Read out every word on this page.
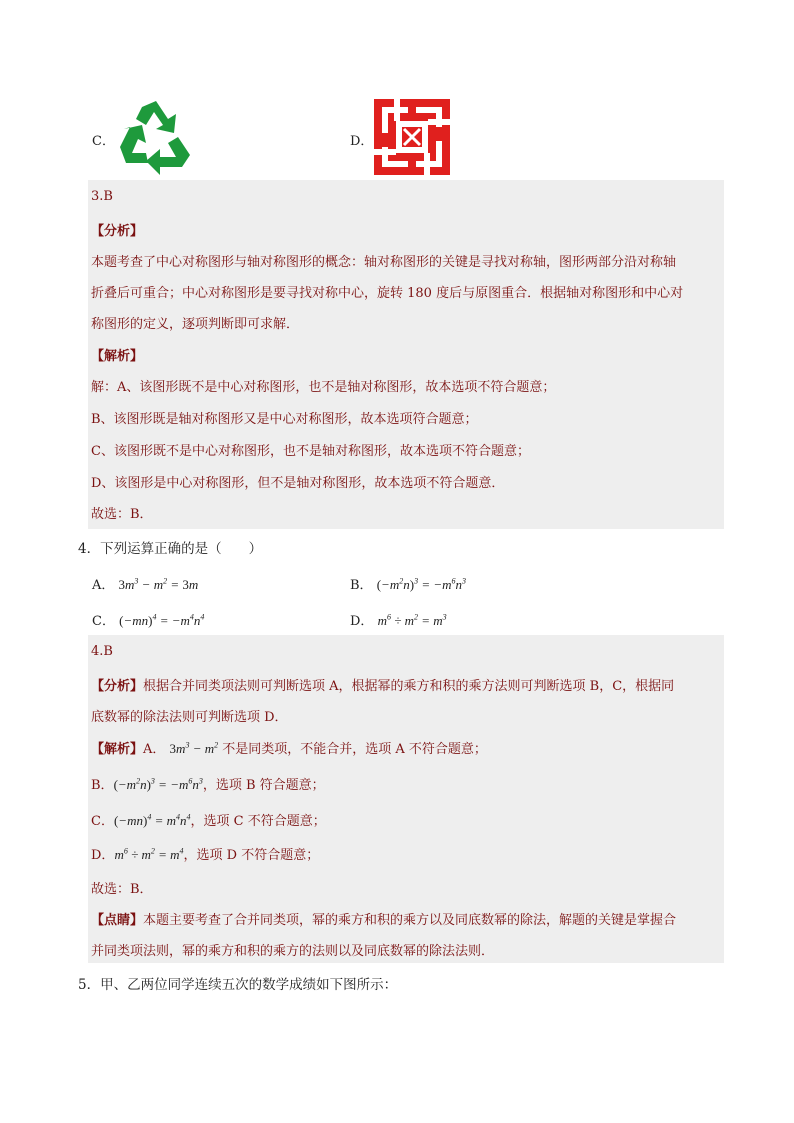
C．	D．
3.B
【分析】
本题考查了中心对称图形与轴对称图形的概念：轴对称图形的关键是寻找对称轴，图形两部分沿对称轴
折叠后可重合；中心对称图形是要寻找对称中心，旋转 180 度后与原图重合．根据轴对称图形和中心对
称图形的定义，逐项判断即可求解．
【解析】
解：A、该图形既不是中心对称图形，也不是轴对称图形，故本选项不符合题意；
B、该图形既是轴对称图形又是中心对称图形，故本选项符合题意；
C、该图形既不是中心对称图形，也不是轴对称图形，故本选项不符合题意；
D、该图形是中心对称图形，但不是轴对称图形，故本选项不符合题意．
故选：B．
4．下列运算正确的是（　　）
A． $3m^3 - m^2 = 3m$	B． $(-m^2n)^3 = -m^6n^3$
C． $(-mn)^4 = -m^4n^4$	D． $m^6 \div m^2 = m^3$
4.B
【分析】根据合并同类项法则可判断选项 A，根据幂的乘方和积的乘方法则可判断选项 B，C，根据同
底数幂的除法法则可判断选项 D．
【解析】A． $3m^3 - m^2$ 不是同类项，不能合并，选项 A 不符合题意；
B．$(-m^2n)^3 = -m^6n^3$，选项 B 符合题意；
C．$(-mn)^4 = m^4n^4$，选项 C 不符合题意；
D．$m^6 \div m^2 = m^4$，选项 D 不符合题意；
故选：B．
【点睛】本题主要考查了合并同类项，幂的乘方和积的乘方以及同底数幂的除法，解题的关键是掌握合
并同类项法则，幂的乘方和积的乘方的法则以及同底数幂的除法法则．
5．甲、乙两位同学连续五次的数学成绩如下图所示：
